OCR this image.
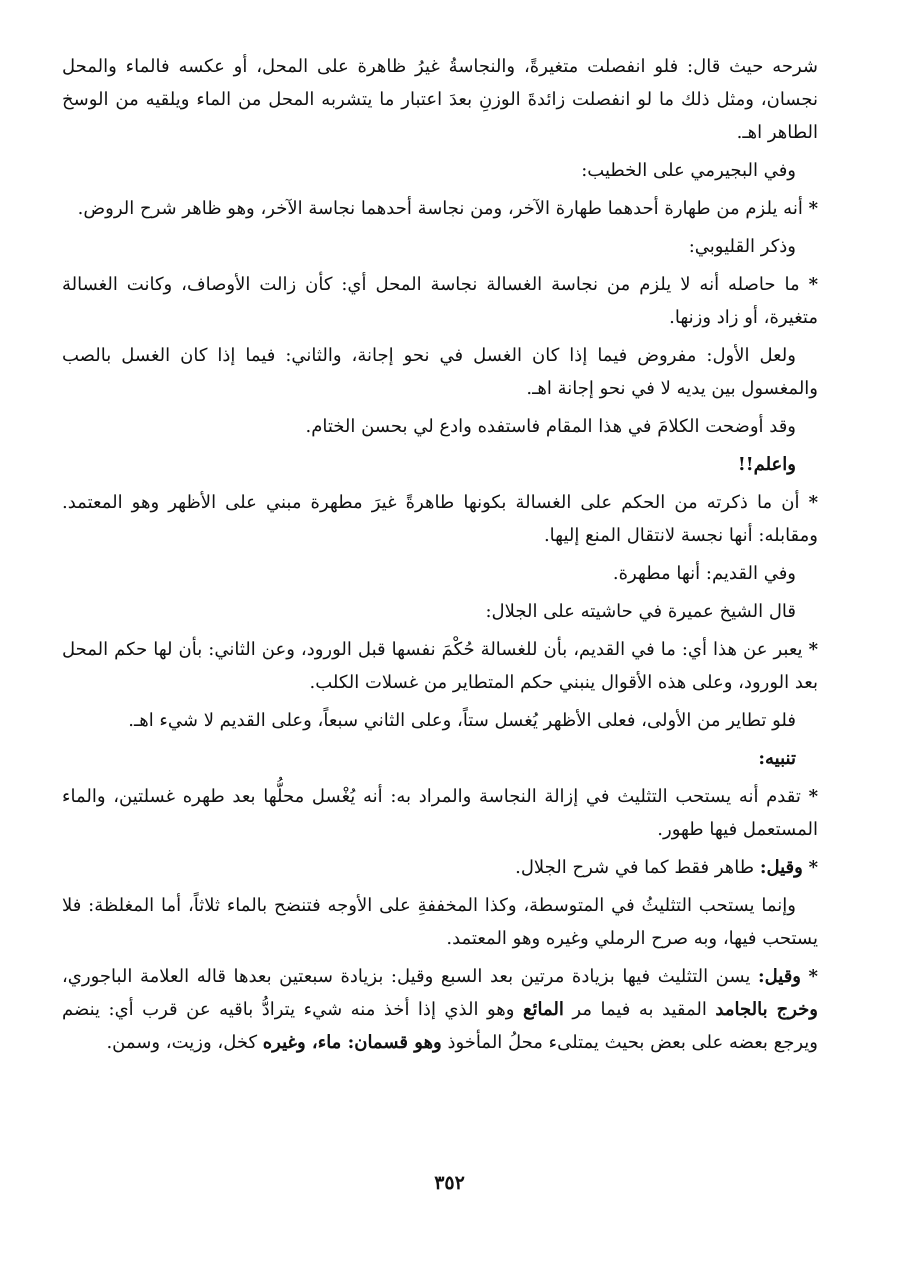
شرحه حيث قال: فلو انفصلت متغيرةً، والنجاسةُ غيرُ ظاهرة على المحل، أو عكسه فالماء والمحل نجسان، ومثل ذلك ما لو انفصلت زائدةَ الوزنِ بعدَ اعتبار ما يتشربه المحل من الماء ويلقيه من الوسخ الطاهر اهـ.

وفي البجيرمي على الخطيب:

* أنه يلزم من طهارة أحدهما طهارة الآخر، ومن نجاسة أحدهما نجاسة الآخر، وهو ظاهر شرح الروض.

وذكر القليوبي:

* ما حاصله أنه لا يلزم من نجاسة الغسالة نجاسة المحل أي: كأن زالت الأوصاف، وكانت الغسالة متغيرة، أو زاد وزنها.

ولعل الأول: مفروض فيما إذا كان الغسل في نحو إجانة، والثاني: فيما إذا كان الغسل بالصب والمغسول بين يديه لا في نحو إجانة اهـ.

وقد أوضحت الكلامَ في هذا المقام فاستفده وادع لي بحسن الختام.

واعلم!!

* أن ما ذكرته من الحكم على الغسالة بكونها طاهرةً غيرَ مطهرة مبني على الأظهر وهو المعتمد. ومقابله: أنها نجسة لانتقال المنع إليها.

وفي القديم: أنها مطهرة.

قال الشيخ عميرة في حاشيته على الجلال:

* يعبر عن هذا أي: ما في القديم، بأن للغسالة حُكْمَ نفسها قبل الورود، وعن الثاني: بأن لها حكم المحل بعد الورود، وعلى هذه الأقوال ينبني حكم المتطاير من غسلات الكلب.

فلو تطاير من الأولى، فعلى الأظهر يُغسل ستاً، وعلى الثاني سبعاً، وعلى القديم لا شيء اهـ.

تنبيه:

* تقدم أنه يستحب التثليث في إزالة النجاسة والمراد به: أنه يُغْسل محلُّها بعد طهره غسلتين، والماء المستعمل فيها طهور.

* وقيل: طاهر فقط كما في شرح الجلال.

وإنما يستحب التثليثُ في المتوسطة، وكذا المخففةِ على الأوجه فتنضح بالماء ثلاثاً، أما المغلظة: فلا يستحب فيها، وبه صرح الرملي وغيره وهو المعتمد.

* وقيل: يسن التثليث فيها بزيادة مرتين بعد السبع وقيل: بزيادة سبعتين بعدها قاله العلامة الباجوري، وخرج بالجامد المقيد به فيما مر المائع وهو الذي إذا أخذ منه شيء يترادُّ باقيه عن قرب أي: ينضم ويرجع بعضه على بعض بحيث يمتلىء محلُ المأخوذ وهو قسمان: ماء، وغيره كخل، وزيت، وسمن.

٣٥٢
